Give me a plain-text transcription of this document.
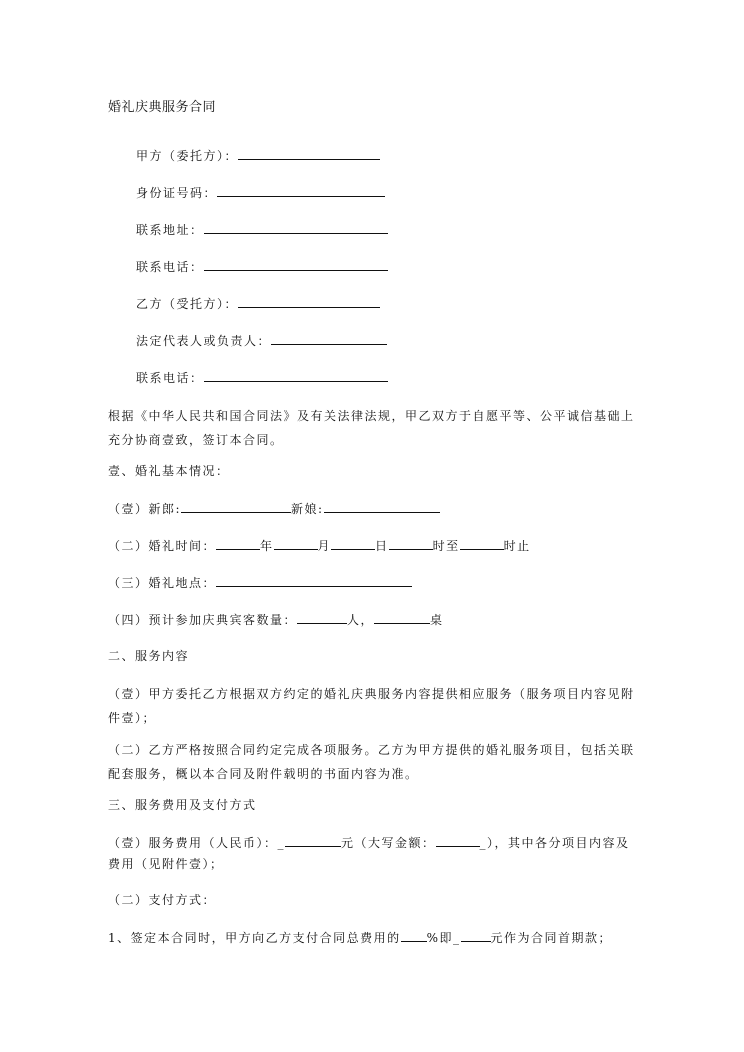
婚礼庆典服务合同
甲方（委托方）：
身份证号码：
联系地址：
联系电话：
乙方（受托方）：
法定代表人或负责人：
联系电话：
根据《中华人民共和国合同法》及有关法律法规，甲乙双方于自愿平等、公平诚信基础上充分协商壹致，签订本合同。
壹、婚礼基本情况：
（壹）新郎:	新娘:
（二）婚礼时间：	年	月	日	时至	时止
（三）婚礼地点：
（四）预计参加庆典宾客数量：	人，	桌
二、服务内容
（壹）甲方委托乙方根据双方约定的婚礼庆典服务内容提供相应服务（服务项目内容见附件壹）；
（二）乙方严格按照合同约定完成各项服务。乙方为甲方提供的婚礼服务项目，包括关联配套服务，概以本合同及附件载明的书面内容为准。
三、服务费用及支付方式
（壹）服务费用（人民币）：_	元（大写金额：	_），其中各分项目内容及
费用（见附件壹）；
（二）支付方式：
1、签定本合同时，甲方向乙方支付合同总费用的 %即_	元作为合同首期款；
